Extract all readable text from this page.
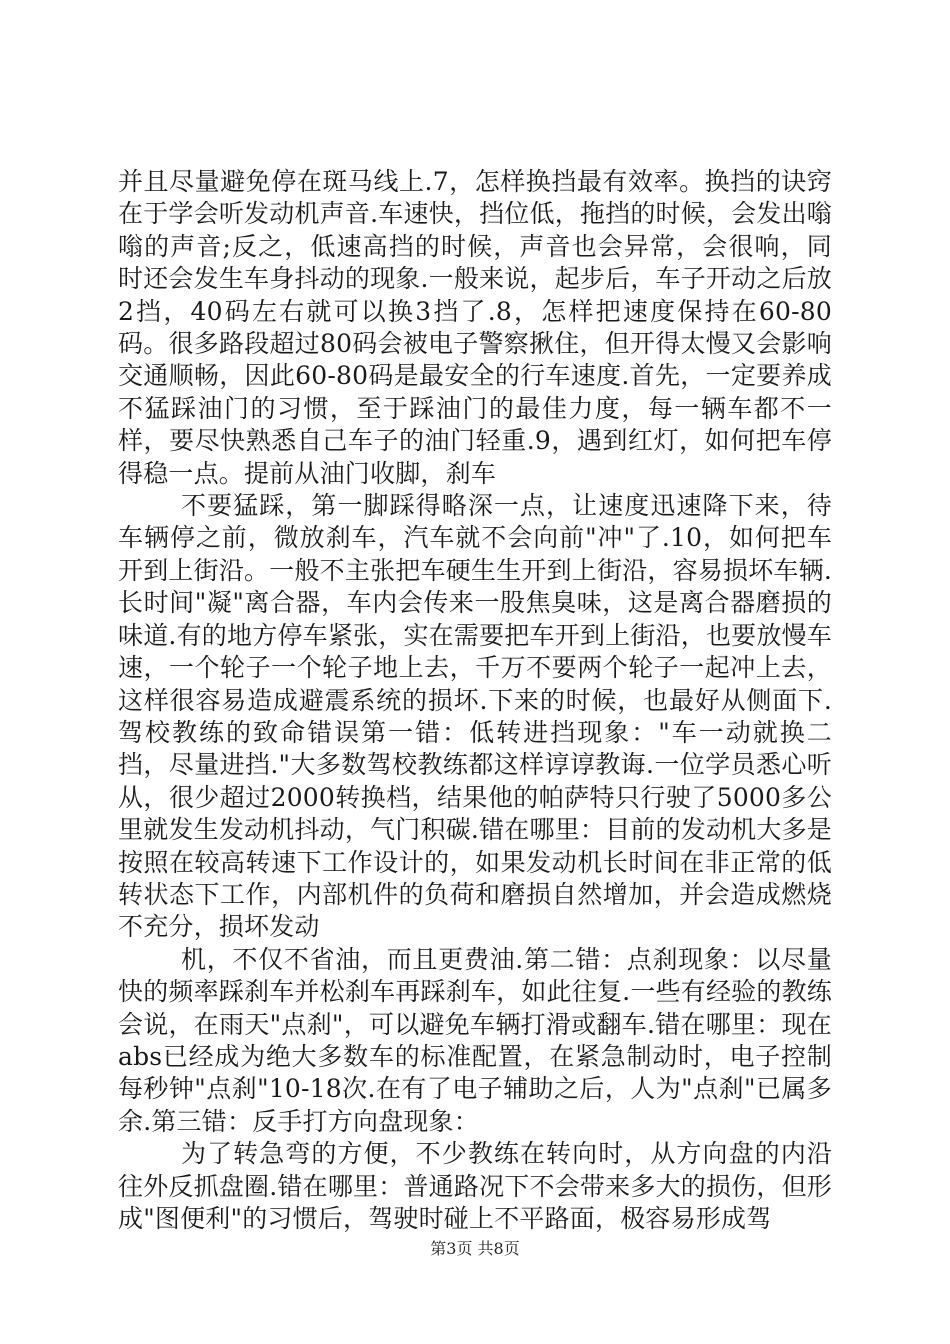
并且尽量避免停在斑马线上.7，怎样换挡最有效率。换挡的诀窍在于学会听发动机声音.车速快，挡位低，拖挡的时候，会发出嗡嗡的声音;反之，低速高挡的时候，声音也会异常，会很响，同时还会发生车身抖动的现象.一般来说，起步后，车子开动之后放2挡，40码左右就可以换3挡了.8，怎样把速度保持在60-80码。很多路段超过80码会被电子警察揪住，但开得太慢又会影响交通顺畅，因此60-80码是最安全的行车速度.首先，一定要养成不猛踩油门的习惯，至于踩油门的最佳力度，每一辆车都不一样，要尽快熟悉自己车子的油门轻重.9，遇到红灯，如何把车停得稳一点。提前从油门收脚，刹车

不要猛踩，第一脚踩得略深一点，让速度迅速降下来，待车辆停之前，微放刹车，汽车就不会向前"冲"了.10，如何把车开到上街沿。一般不主张把车硬生生开到上街沿，容易损坏车辆.长时间"凝"离合器，车内会传来一股焦臭味，这是离合器磨损的味道.有的地方停车紧张，实在需要把车开到上街沿，也要放慢车速，一个轮子一个轮子地上去，千万不要两个轮子一起冲上去，这样很容易造成避震系统的损坏.下来的时候，也最好从侧面下.驾校教练的致命错误第一错：低转进挡现象："车一动就换二挡，尽量进挡."大多数驾校教练都这样谆谆教诲.一位学员悉心听从，很少超过2000转换档，结果他的帕萨特只行驶了5000多公里就发生发动机抖动，气门积碳.错在哪里：目前的发动机大多是按照在较高转速下工作设计的，如果发动机长时间在非正常的低转状态下工作，内部机件的负荷和磨损自然增加，并会造成燃烧不充分，损坏发动

机，不仅不省油，而且更费油.第二错：点刹现象：以尽量快的频率踩刹车并松刹车再踩刹车，如此往复.一些有经验的教练会说，在雨天"点刹"，可以避免车辆打滑或翻车.错在哪里：现在abs已经成为绝大多数车的标准配置，在紧急制动时，电子控制每秒钟"点刹"10-18次.在有了电子辅助之后，人为"点刹"已属多余.第三错：反手打方向盘现象：

为了转急弯的方便，不少教练在转向时，从方向盘的内沿往外反抓盘圈.错在哪里：普通路况下不会带来多大的损伤，但形成"图便利"的习惯后，驾驶时碰上不平路面，极容易形成驾

第3页 共8页
